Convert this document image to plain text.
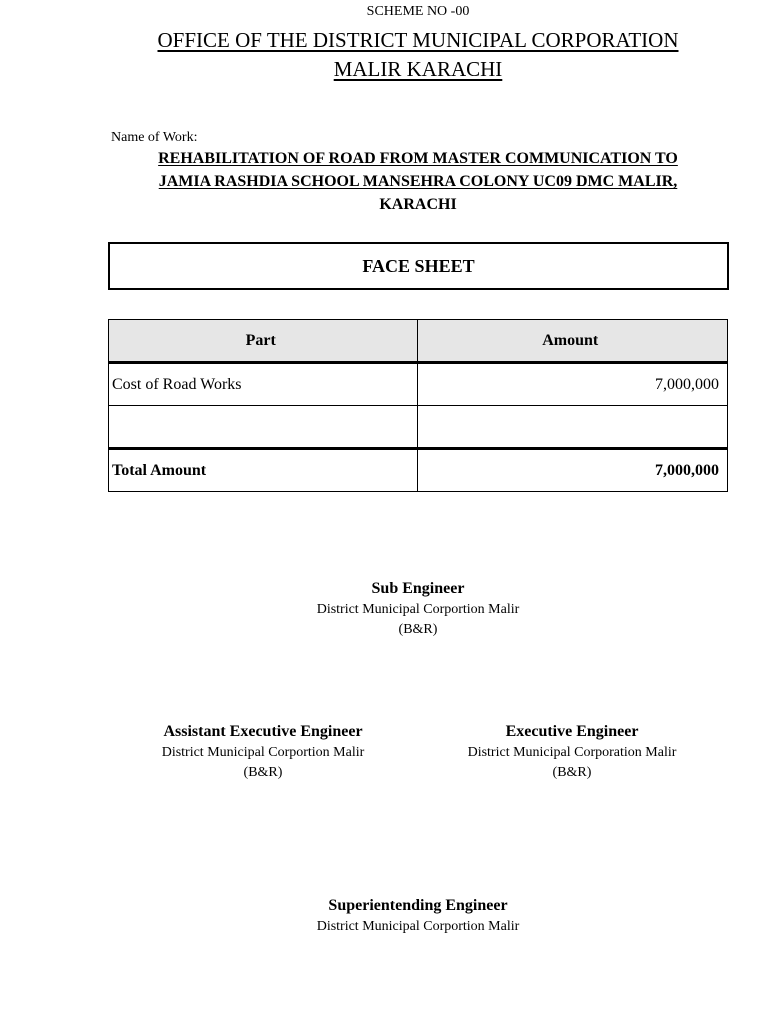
SCHEME NO -00
OFFICE OF THE DISTRICT MUNICIPAL CORPORATION
MALIR KARACHI
Name of Work:
REHABILITATION OF ROAD FROM MASTER COMMUNICATION TO
JAMIA RASHDIA SCHOOL MANSEHRA COLONY UC09 DMC MALIR,
KARACHI
FACE SHEET
Part	Amount
Cost of Road Works	7,000,000

Total Amount	7,000,000
Sub Engineer
District Municipal Corportion Malir
(B&R)
Assistant Executive Engineer
District Municipal Corportion Malir
(B&R)
Executive Engineer
District Municipal Corporation Malir
(B&R)
Superientending Engineer
District Municipal Corportion Malir
